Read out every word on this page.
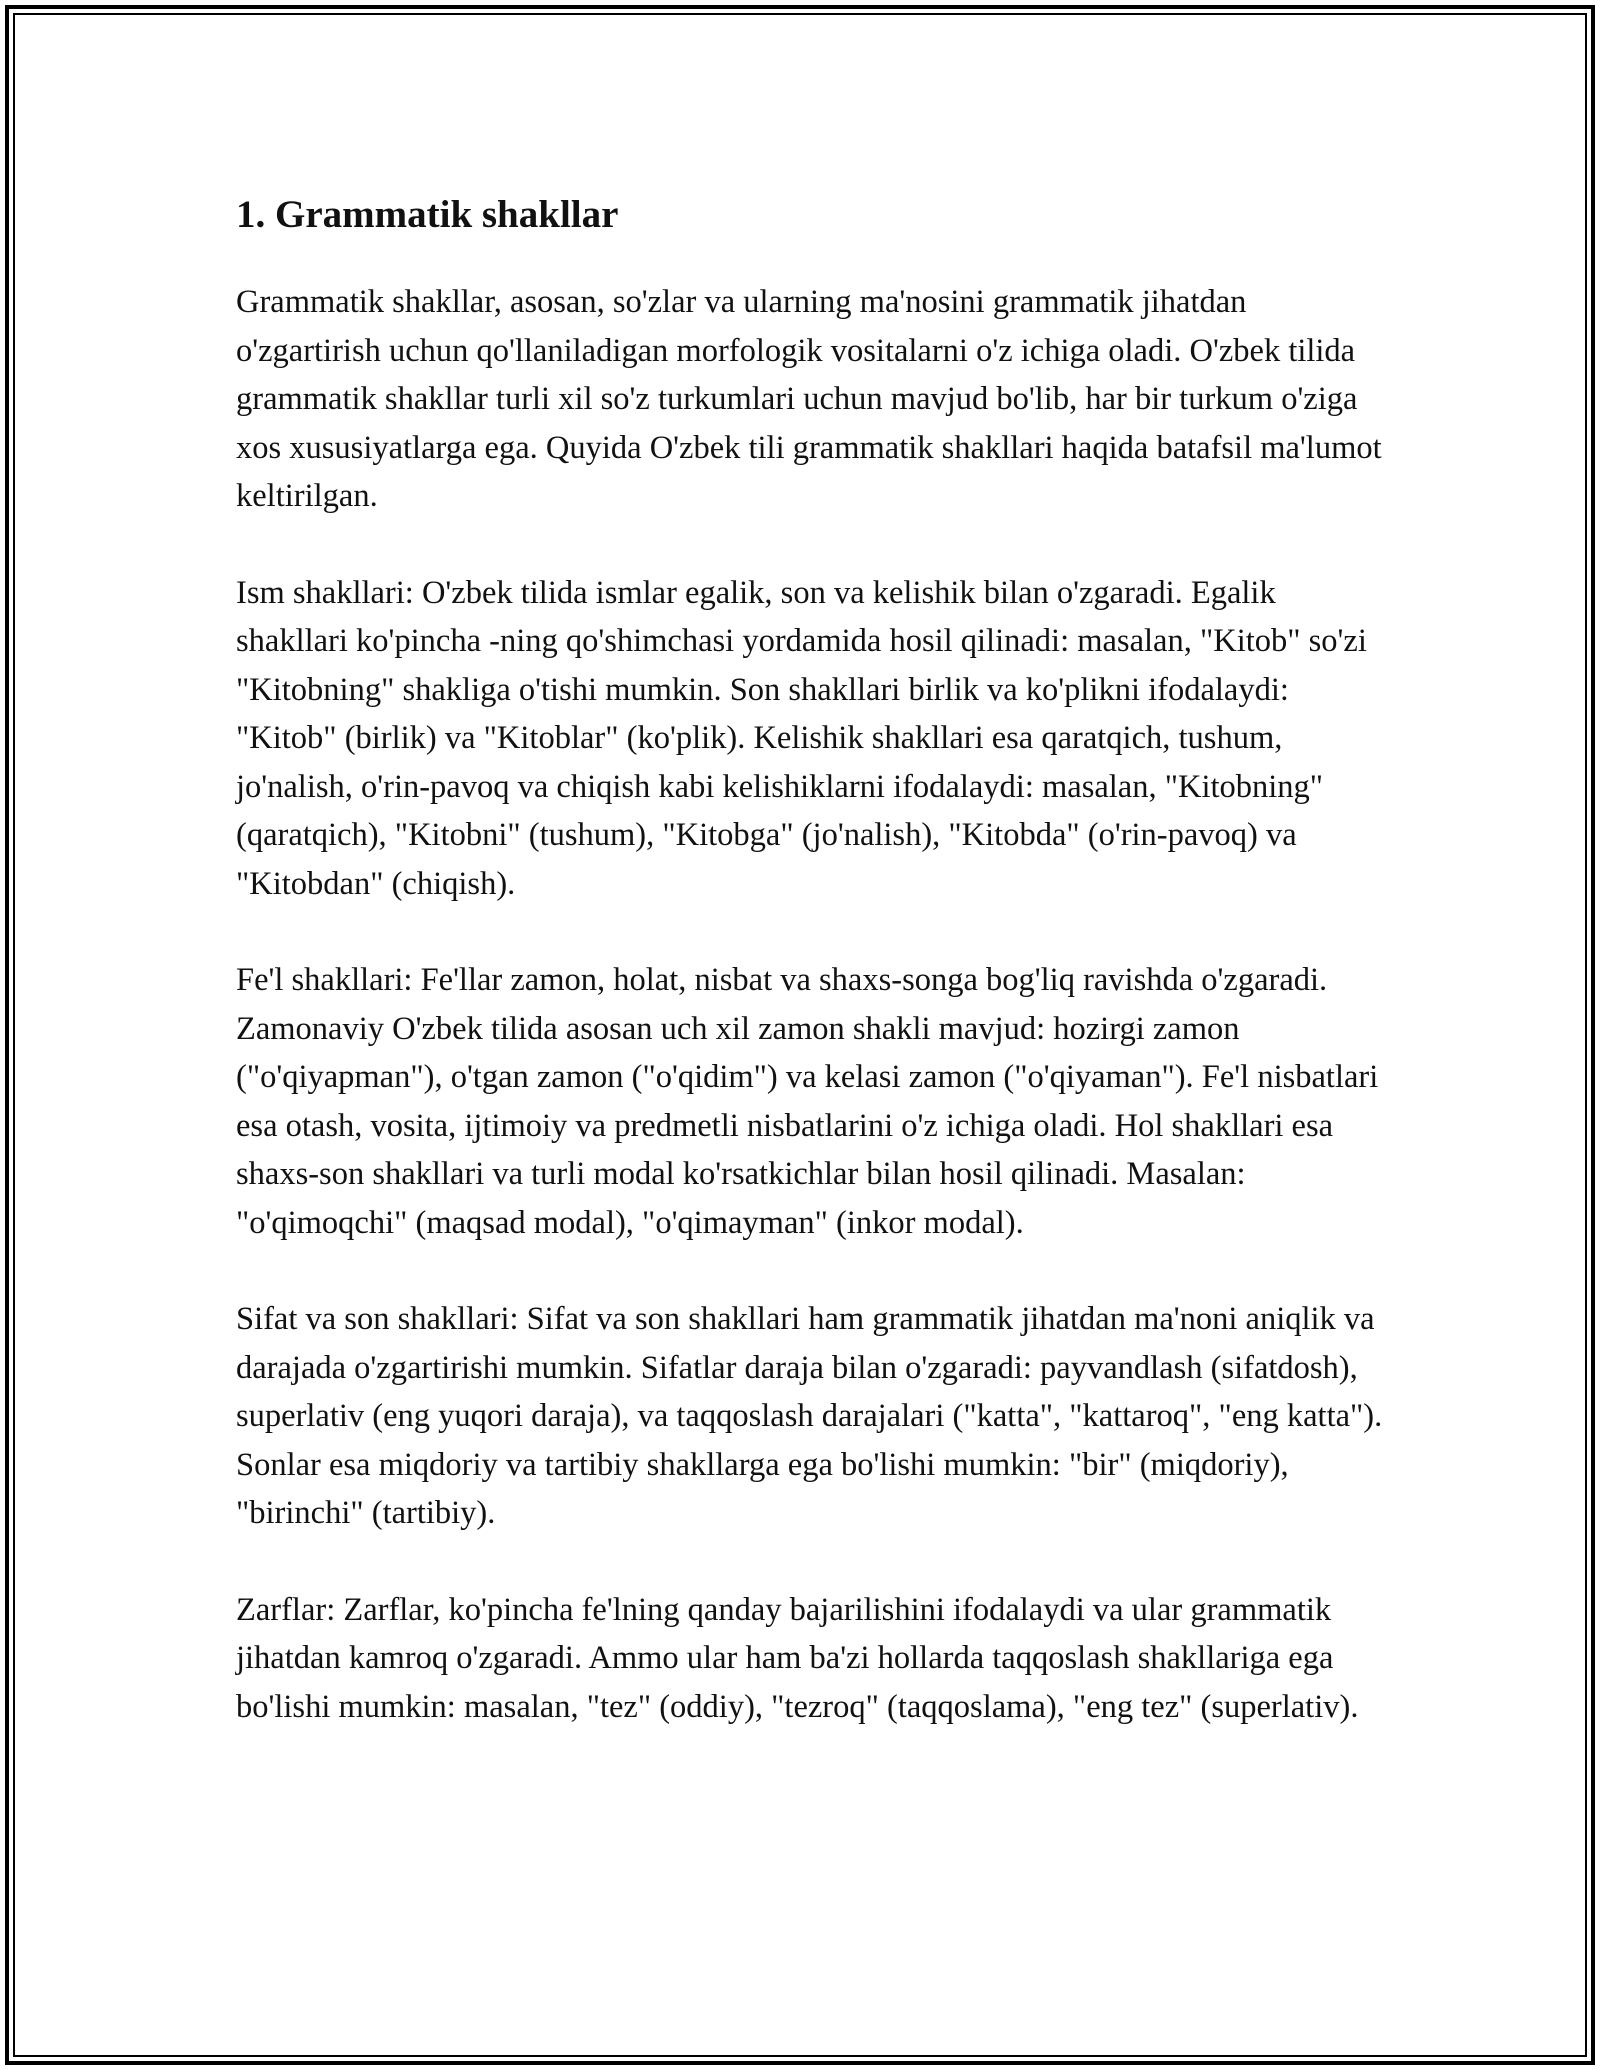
1. Grammatik shakllar

Grammatik shakllar, asosan, so'zlar va ularning ma'nosini grammatik jihatdan o'zgartirish uchun qo'llaniladigan morfologik vositalarni o'z ichiga oladi. O'zbek tilida grammatik shakllar turli xil so'z turkumlari uchun mavjud bo'lib, har bir turkum o'ziga xos xususiyatlarga ega. Quyida O'zbek tili grammatik shakllari haqida batafsil ma'lumot keltirilgan.

Ism shakllari: O'zbek tilida ismlar egalik, son va kelishik bilan o'zgaradi. Egalik shakllari ko'pincha -ning qo'shimchasi yordamida hosil qilinadi: masalan, "Kitob" so'zi "Kitobning" shakliga o'tishi mumkin. Son shakllari birlik va ko'plikni ifodalaydi: "Kitob" (birlik) va "Kitoblar" (ko'plik). Kelishik shakllari esa qaratqich, tushum, jo'nalish, o'rin-pavoq va chiqish kabi kelishiklarni ifodalaydi: masalan, "Kitobning" (qaratqich), "Kitobni" (tushum), "Kitobga" (jo'nalish), "Kitobda" (o'rin-pavoq) va "Kitobdan" (chiqish).

Fe'l shakllari: Fe'llar zamon, holat, nisbat va shaxs-songa bog'liq ravishda o'zgaradi. Zamonaviy O'zbek tilida asosan uch xil zamon shakli mavjud: hozirgi zamon ("o'qiyapman"), o'tgan zamon ("o'qidim") va kelasi zamon ("o'qiyaman"). Fe'l nisbatlari esa otash, vosita, ijtimoiy va predmetli nisbatlarini o'z ichiga oladi. Hol shakllari esa shaxs-son shakllari va turli modal ko'rsatkichlar bilan hosil qilinadi. Masalan: "o'qimoqchi" (maqsad modal), "o'qimayman" (inkor modal).

Sifat va son shakllari: Sifat va son shakllari ham grammatik jihatdan ma'noni aniqlik va darajada o'zgartirishi mumkin. Sifatlar daraja bilan o'zgaradi: payvandlash (sifatdosh), superlativ (eng yuqori daraja), va taqqoslash darajalari ("katta", "kattaroq", "eng katta"). Sonlar esa miqdoriy va tartibiy shakllarga ega bo'lishi mumkin: "bir" (miqdoriy), "birinchi" (tartibiy).

Zarflar: Zarflar, ko'pincha fe'lning qanday bajarilishini ifodalaydi va ular grammatik jihatdan kamroq o'zgaradi. Ammo ular ham ba'zi hollarda taqqoslash shakllariga ega bo'lishi mumkin: masalan, "tez" (oddiy), "tezroq" (taqqoslama), "eng tez" (superlativ).
